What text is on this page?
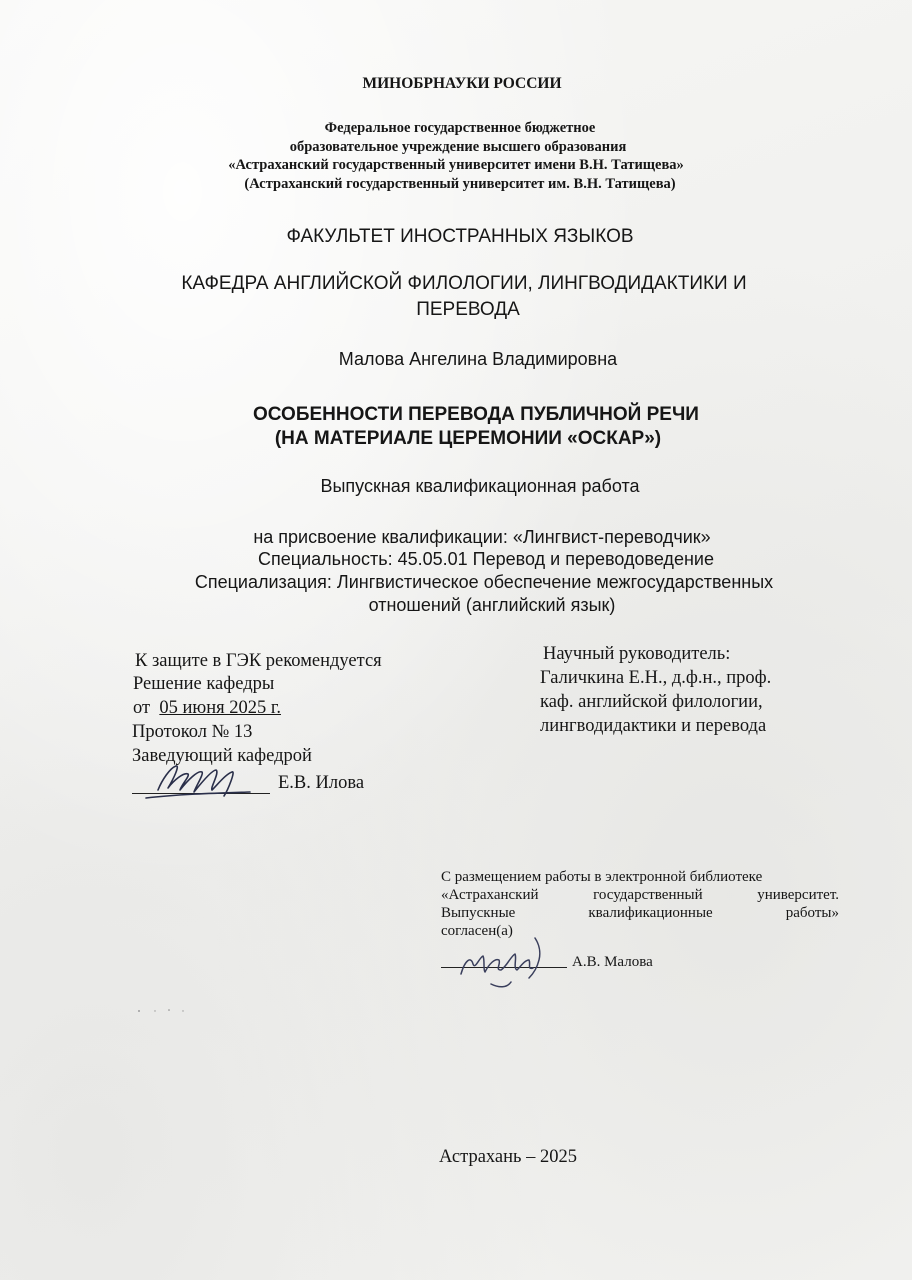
МИНОБРНАУКИ РОССИИ
Федеральное государственное бюджетное
образовательное учреждение высшего образования
«Астраханский государственный университет имени В.Н. Татищева»
(Астраханский государственный университет им. В.Н. Татищева)
ФАКУЛЬТЕТ ИНОСТРАННЫХ ЯЗЫКОВ
КАФЕДРА АНГЛИЙСКОЙ ФИЛОЛОГИИ, ЛИНГВОДИДАКТИКИ И
ПЕРЕВОДА
Малова Ангелина Владимировна
ОСОБЕННОСТИ ПЕРЕВОДА ПУБЛИЧНОЙ РЕЧИ
(НА МАТЕРИАЛЕ ЦЕРЕМОНИИ «ОСКАР»)
Выпускная квалификационная работа
на присвоение квалификации: «Лингвист-переводчик»
Специальность: 45.05.01 Перевод и переводоведение
Специализация: Лингвистическое обеспечение межгосударственных
отношений (английский язык)
К защите в ГЭК рекомендуется
Решение кафедры
от 05 июня 2025 г.
Протокол № 13
Заведующий кафедрой
Е.В. Илова
Научный руководитель:
Галичкина Е.Н., д.ф.н., проф.
каф. английской филологии,
лингводидактики и перевода
С размещением работы в электронной библиотеке
«Астраханский государственный университет.
Выпускные квалификационные работы»
согласен(а)
А.В. Малова
Астрахань – 2025
